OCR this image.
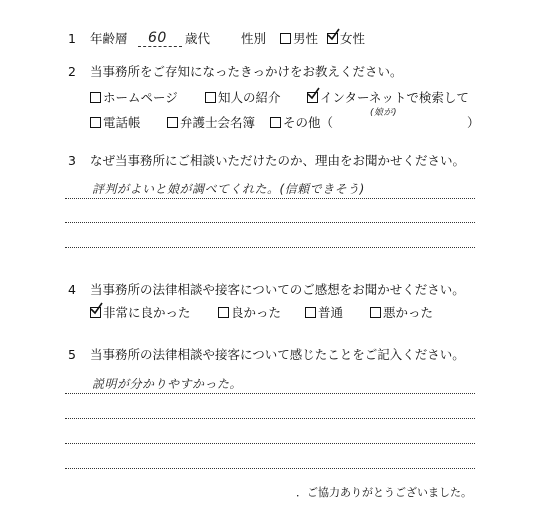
1 年齢層 60 歳代 性別	男性	女性
2 当事務所をご存知になったきっかけをお教えください。
(娘が)
ホームページ	知人の紹介	インターネットで検索して
電話帳	弁護士会名簿	その他（	）
3 なぜ当事務所にご相談いただけたのか、理由をお聞かせください。
評判がよいと娘が調べてくれた。(信頼できそう)
4 当事務所の法律相談や接客についてのご感想をお聞かせください。
非常に良かった	良かった	普通	悪かった
5 当事務所の法律相談や接客について感じたことをご記入ください。
説明が分かりやすかった。
．ご協力ありがとうございました。
